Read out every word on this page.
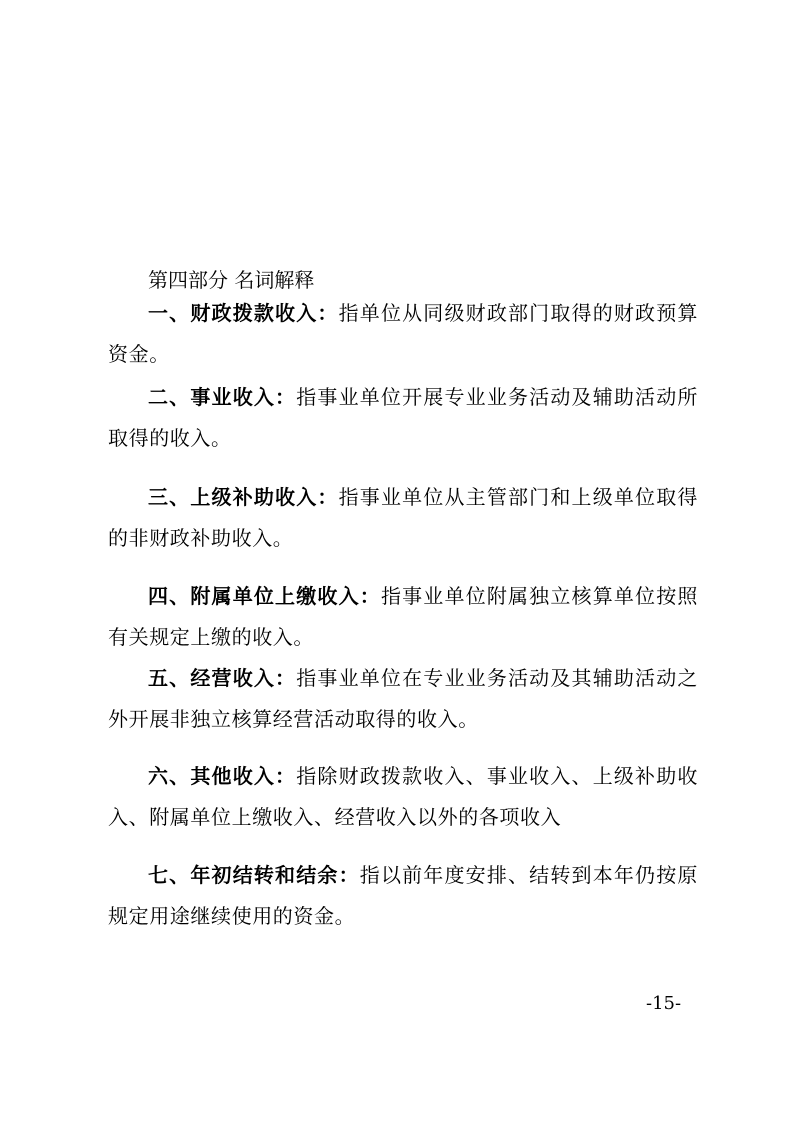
第四部分 名词解释

一、财政拨款收入：指单位从同级财政部门取得的财政预算资金。

二、事业收入：指事业单位开展专业业务活动及辅助活动所取得的收入。

三、上级补助收入：指事业单位从主管部门和上级单位取得的非财政补助收入。

四、附属单位上缴收入：指事业单位附属独立核算单位按照有关规定上缴的收入。

五、经营收入：指事业单位在专业业务活动及其辅助活动之外开展非独立核算经营活动取得的收入。

六、其他收入：指除财政拨款收入、事业收入、上级补助收入、附属单位上缴收入、经营收入以外的各项收入

七、年初结转和结余：指以前年度安排、结转到本年仍按原规定用途继续使用的资金。

-15-
